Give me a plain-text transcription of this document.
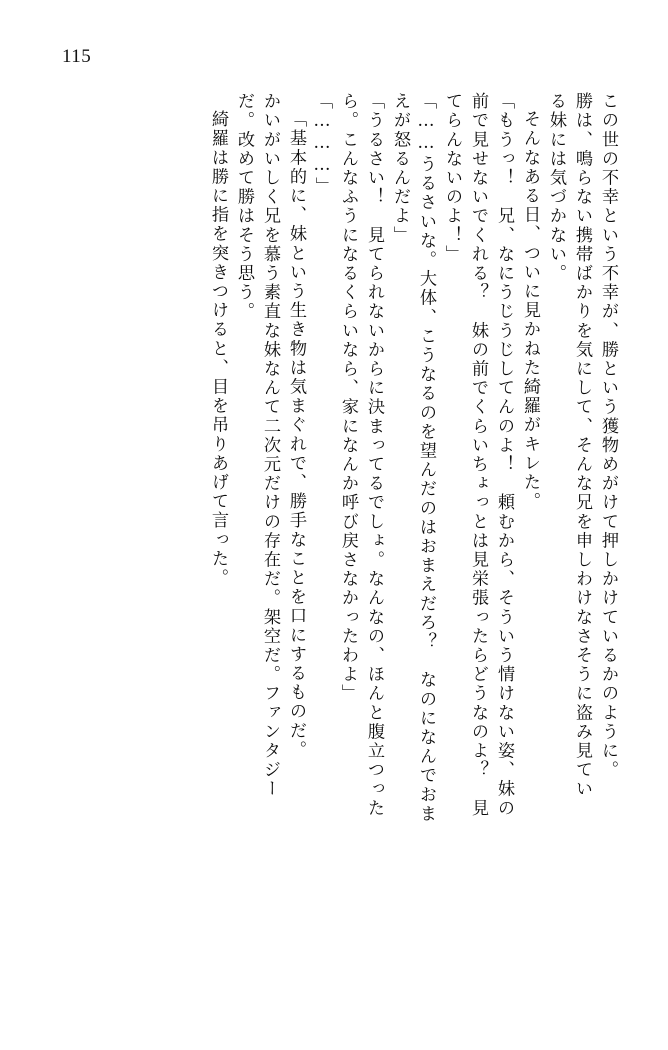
115
この世の不幸という不幸が、勝という獲物めがけて押しかけているかのように。
勝は、鳴らない携帯ばかりを気にして、そんな兄を申しわけなさそうに盗み見てい
る妹には気づかない。
そんなある日、ついに見かねた綺羅がキレた。
「もうっ！　兄、なにうじうじしてんのよ！　頼むから、そういう情けない姿、妹の
前で見せないでくれる？　妹の前でくらいちょっとは見栄張ったらどうなのよ？　見
てらんないのよ！」
「……うるさいな。大体、こうなるのを望んだのはおまえだろ？　なのになんでおま
えが怒るんだよ」
「うるさい！　見てられないからに決まってるでしょ。なんなの、ほんと腹立つった
ら。こんなふうになるくらいなら、家になんか呼び戻さなかったわよ」
「………」
「基本的に、妹という生き物は気まぐれで、勝手なことを口にするものだ。
かいがいしく兄を慕う素直な妹なんて二次元だけの存在だ。架空だ。ファンタジー
だ。改めて勝はそう思う。
綺羅は勝に指を突きつけると、目を吊りあげて言った。
